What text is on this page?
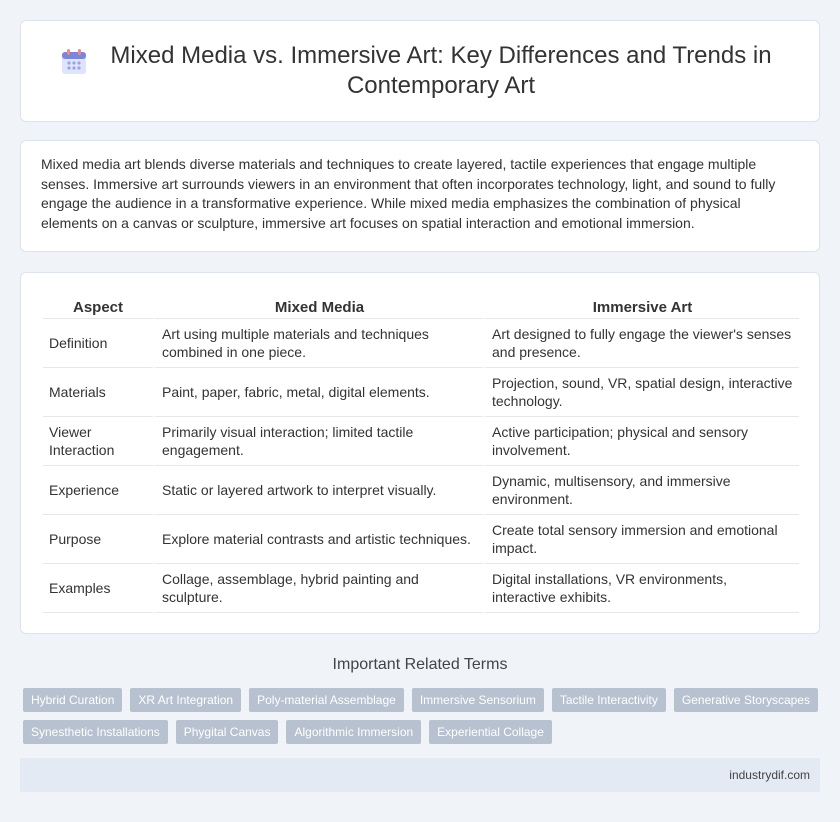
Mixed Media vs. Immersive Art: Key Differences and Trends in Contemporary Art

Mixed media art blends diverse materials and techniques to create layered, tactile experiences that engage multiple senses. Immersive art surrounds viewers in an environment that often incorporates technology, light, and sound to fully engage the audience in a transformative experience. While mixed media emphasizes the combination of physical elements on a canvas or sculpture, immersive art focuses on spatial interaction and emotional immersion.

Aspect	Mixed Media	Immersive Art
Definition	Art using multiple materials and techniques combined in one piece.	Art designed to fully engage the viewer's senses and presence.
Materials	Paint, paper, fabric, metal, digital elements.	Projection, sound, VR, spatial design, interactive technology.
Viewer Interaction	Primarily visual interaction; limited tactile engagement.	Active participation; physical and sensory involvement.
Experience	Static or layered artwork to interpret visually.	Dynamic, multisensory, and immersive environment.
Purpose	Explore material contrasts and artistic techniques.	Create total sensory immersion and emotional impact.
Examples	Collage, assemblage, hybrid painting and sculpture.	Digital installations, VR environments, interactive exhibits.
Important Related Terms
Hybrid Curation	XR Art Integration	Poly-material Assemblage	Immersive Sensorium	Tactile Interactivity	Generative Storyscapes
Synesthetic Installations	Phygital Canvas	Algorithmic Immersion	Experiential Collage
industrydif.com
